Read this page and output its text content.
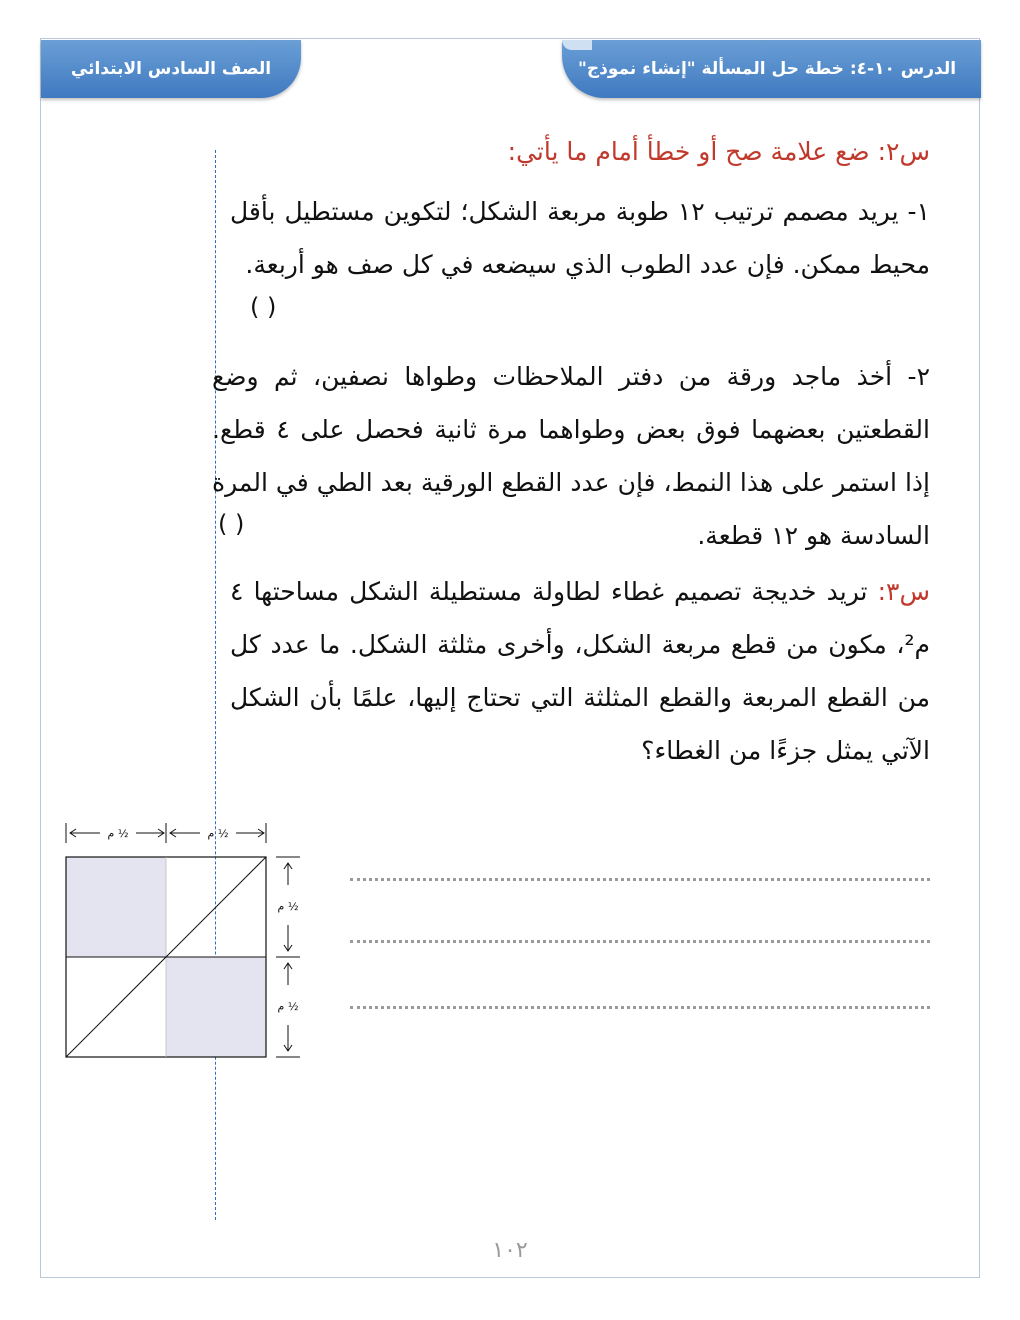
الدرس ١٠-٤: خطة حل المسألة "إنشاء نموذج"
الصف السادس الابتدائي
س٢: ضع علامة صح أو خطأ أمام ما يأتي:
١- يريد مصمم ترتيب ١٢ طوبة مربعة الشكل؛ لتكوين مستطيل بأقل محيط ممكن. فإن عدد الطوب الذي سيضعه في كل صف هو أربعة.
( )
٢- أخذ ماجد ورقة من دفتر الملاحظات وطواها نصفين، ثم وضع القطعتين بعضهما فوق بعض وطواهما مرة ثانية فحصل على ٤ قطع. إذا استمر على هذا النمط، فإن عدد القطع الورقية بعد الطي في المرة السادسة هو ١٢ قطعة.
( )
س٣: تريد خديجة تصميم غطاء لطاولة مستطيلة الشكل مساحتها ٤ م²، مكون من قطع مربعة الشكل، وأخرى مثلثة الشكل. ما عدد كل من القطع المربعة والقطع المثلثة التي تحتاج إليها، علمًا بأن الشكل الآتي يمثل جزءًا من الغطاء؟
½ م	½ م
½ م
½ م
١٠٢
